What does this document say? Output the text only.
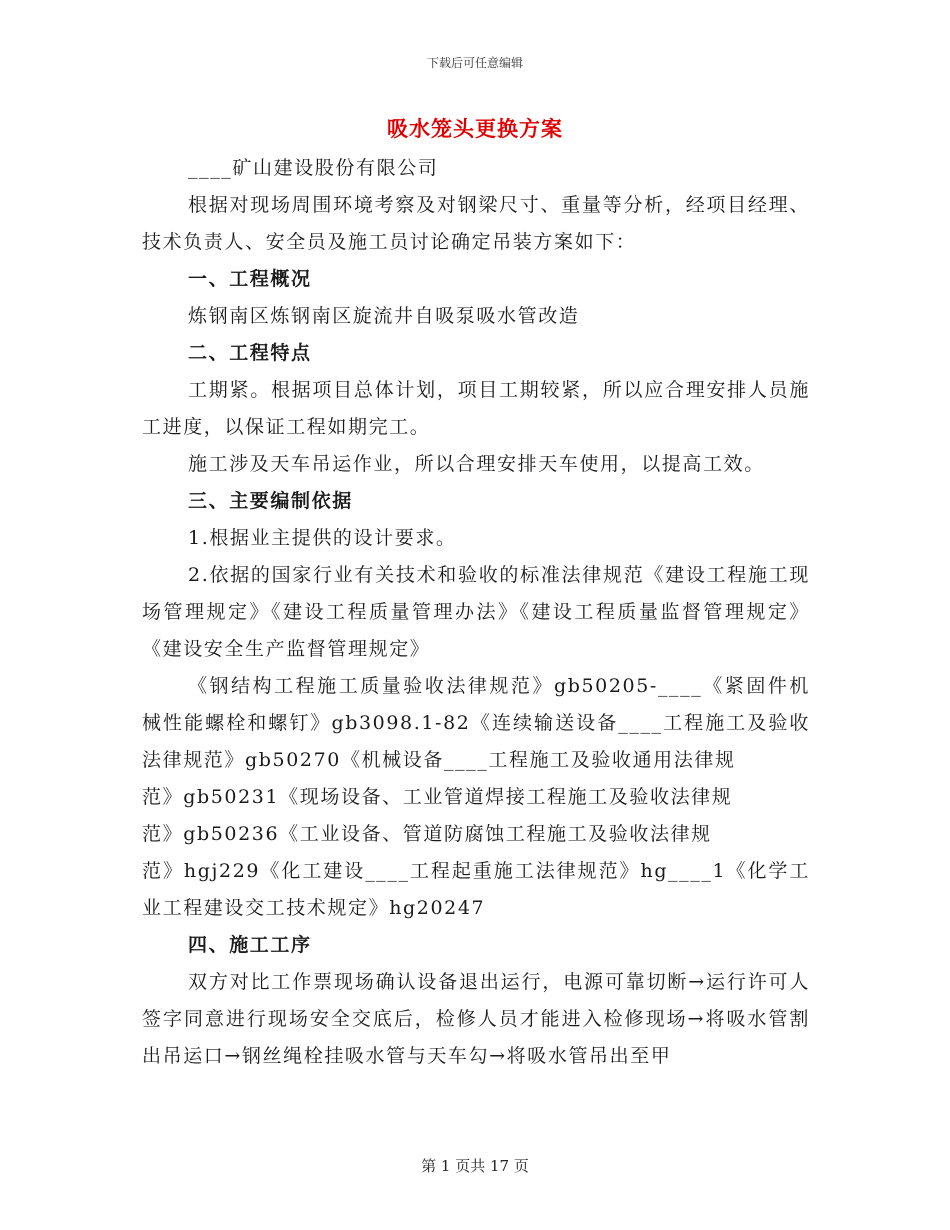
下载后可任意编辑
吸水笼头更换方案

____矿山建设股份有限公司

根据对现场周围环境考察及对钢梁尺寸、重量等分析，经项目经理、技术负责人、安全员及施工员讨论确定吊装方案如下：

一、工程概况

炼钢南区炼钢南区旋流井自吸泵吸水管改造

二、工程特点

工期紧。根据项目总体计划，项目工期较紧，所以应合理安排人员施工进度，以保证工程如期完工。

施工涉及天车吊运作业，所以合理安排天车使用，以提高工效。

三、主要编制依据

1.根据业主提供的设计要求。

2.依据的国家行业有关技术和验收的标准法律规范《建设工程施工现场管理规定》《建设工程质量管理办法》《建设工程质量监督管理规定》《建设安全生产监督管理规定》

《钢结构工程施工质量验收法律规范》gb50205-____《紧固件机械性能螺栓和螺钉》gb3098.1-82《连续输送设备____工程施工及验收法律规范》gb50270《机械设备____工程施工及验收通用法律规

范》gb50231《现场设备、工业管道焊接工程施工及验收法律规

范》gb50236《工业设备、管道防腐蚀工程施工及验收法律规

范》hgj229《化工建设____工程起重施工法律规范》hg____1《化学工业工程建设交工技术规定》hg20247

四、施工工序

双方对比工作票现场确认设备退出运行，电源可靠切断→运行许可人签字同意进行现场安全交底后，检修人员才能进入检修现场→将吸水管割出吊运口→钢丝绳栓挂吸水管与天车勾→将吸水管吊出至甲

第 1 页共 17 页
